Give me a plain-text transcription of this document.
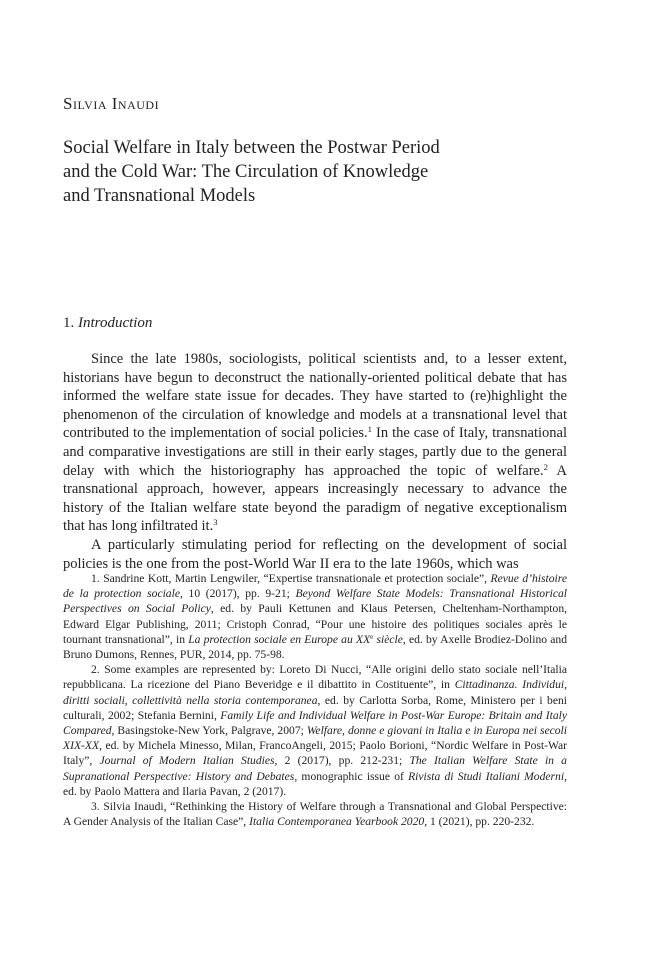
Silvia Inaudi
Social Welfare in Italy between the Postwar Period
and the Cold War: The Circulation of Knowledge
and Transnational Models
1. Introduction

Since the late 1980s, sociologists, political scientists and, to a lesser extent, historians have begun to deconstruct the nationally-oriented political debate that has informed the welfare state issue for decades. They have started to (re)highlight the phenomenon of the circulation of knowledge and models at a transnational level that contributed to the implementation of social policies.$^1$ In the case of Italy, transnational and comparative investigations are still in their early stages, partly due to the general delay with which the historiography has approached the topic of welfare.$^2$ A transnational approach, however, appears increasingly necessary to advance the history of the Italian welfare state beyond the paradigm of negative exceptionalism that has long infiltrated it.$^3$

A particularly stimulating period for reflecting on the development of social policies is the one from the post-World War II era to the late 1960s, which was

1. Sandrine Kott, Martin Lengwiler, “Expertise transnationale et protection sociale”, Revue d’histoire de la protection sociale, 10 (2017), pp. 9-21; Beyond Welfare State Models: Transnational Historical Perspectives on Social Policy, ed. by Pauli Kettunen and Klaus Petersen, Cheltenham-Northampton, Edward Elgar Publishing, 2011; Cristoph Conrad, “Pour une histoire des politiques sociales après le tournant transnational”, in La protection sociale en Europe au XXe siècle, ed. by Axelle Brodiez-Dolino and Bruno Dumons, Rennes, PUR, 2014, pp. 75-98.

2. Some examples are represented by: Loreto Di Nucci, “Alle origini dello stato sociale nell’Italia repubblicana. La ricezione del Piano Beveridge e il dibattito in Costituente”, in Cittadinanza. Individui, diritti sociali, collettività nella storia contemporanea, ed. by Carlotta Sorba, Rome, Ministero per i beni culturali, 2002; Stefania Bernini, Family Life and Individual Welfare in Post-War Europe: Britain and Italy Compared, Basingstoke-New York, Palgrave, 2007; Welfare, donne e giovani in Italia e in Europa nei secoli XIX-XX, ed. by Michela Minesso, Milan, FrancoAngeli, 2015; Paolo Borioni, “Nordic Welfare in Post-War Italy”, Journal of Modern Italian Studies, 2 (2017), pp. 212-231; The Italian Welfare State in a Supranational Perspective: History and Debates, monographic issue of Rivista di Studi Italiani Moderni, ed. by Paolo Mattera and Ilaria Pavan, 2 (2017).

3. Silvia Inaudi, “Rethinking the History of Welfare through a Transnational and Global Perspective: A Gender Analysis of the Italian Case”, Italia Contemporanea Yearbook 2020, 1 (2021), pp. 220-232.
